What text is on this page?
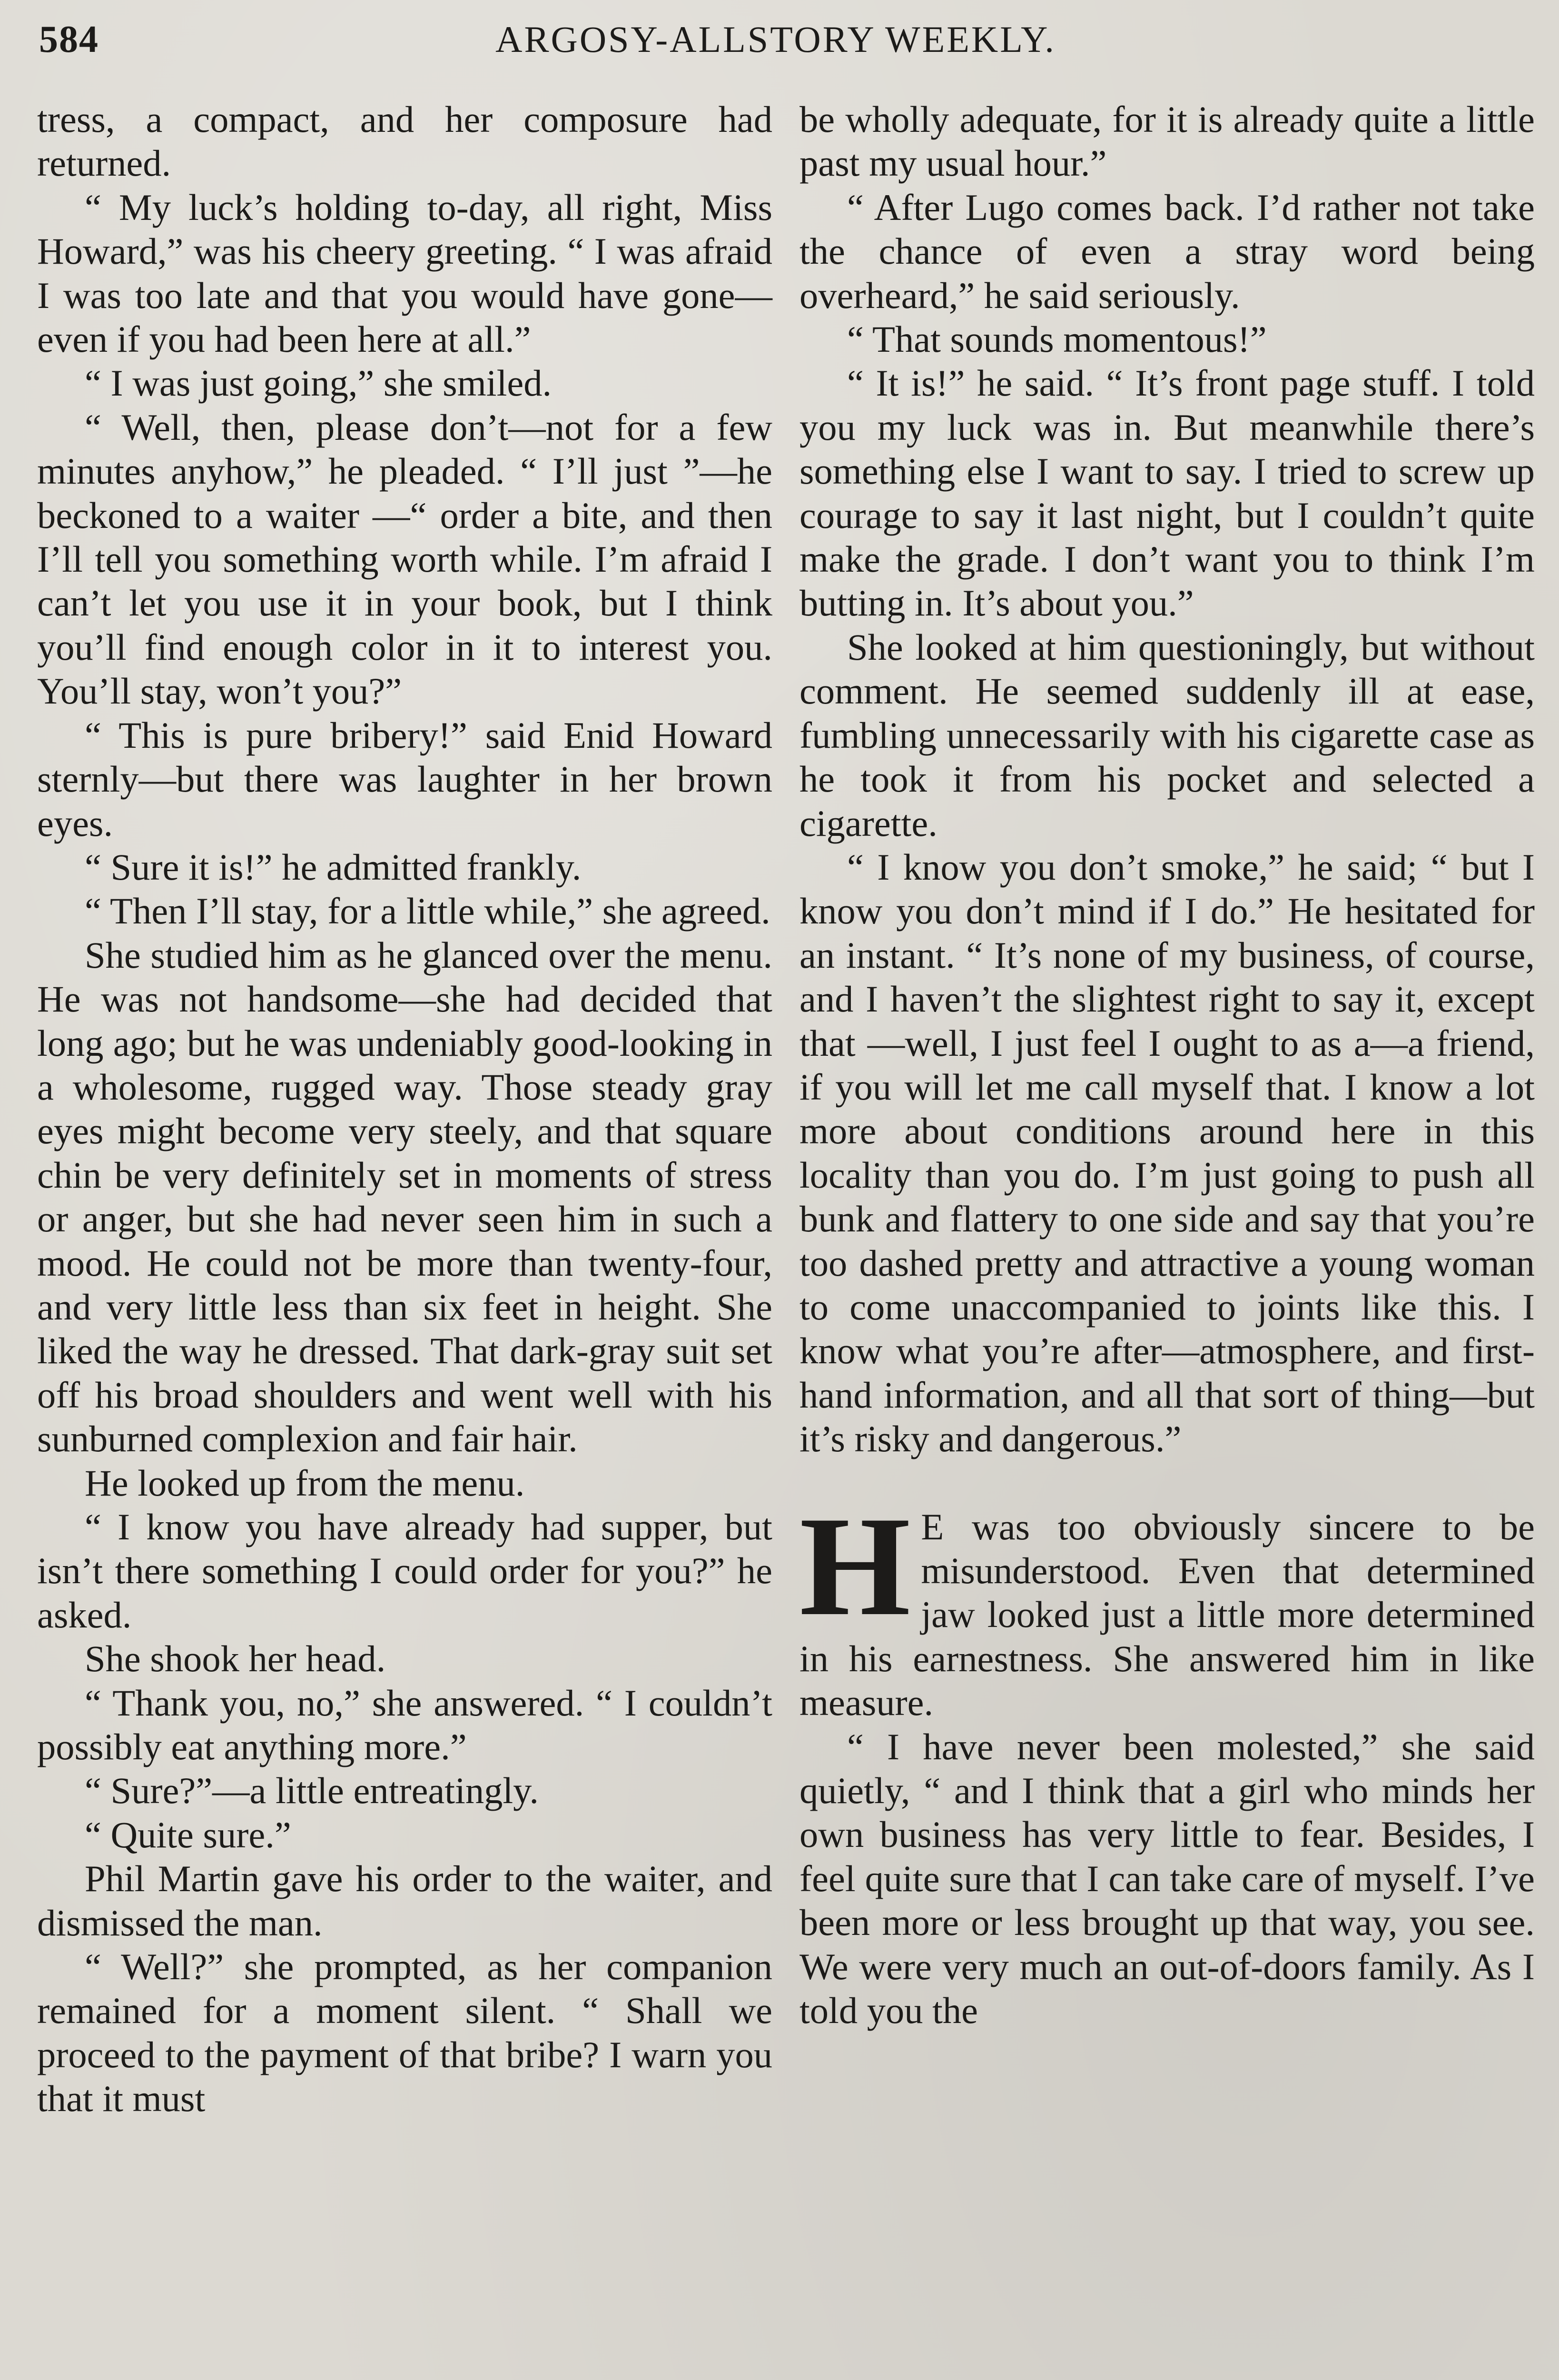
584	ARGOSY-ALLSTORY WEEKLY.

tress, a compact, and her composure had returned.

“ My luck’s holding to-day, all right, Miss Howard,” was his cheery greeting. “ I was afraid I was too late and that you would have gone—even if you had been here at all.”

“ I was just going,” she smiled.

“ Well, then, please don’t—not for a few minutes anyhow,” he pleaded. “ I’ll just ”—he beckoned to a waiter —“ order a bite, and then I’ll tell you something worth while. I’m afraid I can’t let you use it in your book, but I think you’ll find enough color in it to interest you. You’ll stay, won’t you?”

“ This is pure bribery!” said Enid Howard sternly—but there was laughter in her brown eyes.

“ Sure it is!” he admitted frankly.

“ Then I’ll stay, for a little while,” she agreed.

She studied him as he glanced over the menu. He was not handsome—she had decided that long ago; but he was undeniably good-looking in a wholesome, rugged way. Those steady gray eyes might become very steely, and that square chin be very definitely set in moments of stress or anger, but she had never seen him in such a mood. He could not be more than twenty-four, and very little less than six feet in height. She liked the way he dressed. That dark-gray suit set off his broad shoulders and went well with his sunburned complexion and fair hair.

He looked up from the menu.

“ I know you have already had supper, but isn’t there something I could order for you?” he asked.

She shook her head.

“ Thank you, no,” she answered. “ I couldn’t possibly eat anything more.”

“ Sure?”—a little entreatingly.

“ Quite sure.”

Phil Martin gave his order to the waiter, and dismissed the man.

“ Well?” she prompted, as her companion remained for a moment silent. “ Shall we proceed to the payment of that bribe? I warn you that it must

be wholly adequate, for it is already quite a little past my usual hour.”

“ After Lugo comes back. I’d rather not take the chance of even a stray word being overheard,” he said seriously.

“ That sounds momentous!”

“ It is!” he said. “ It’s front page stuff. I told you my luck was in. But meanwhile there’s something else I want to say. I tried to screw up courage to say it last night, but I couldn’t quite make the grade. I don’t want you to think I’m butting in. It’s about you.”

She looked at him questioningly, but without comment. He seemed suddenly ill at ease, fumbling unnecessarily with his cigarette case as he took it from his pocket and selected a cigarette.

“ I know you don’t smoke,” he said; “ but I know you don’t mind if I do.” He hesitated for an instant. “ It’s none of my business, of course, and I haven’t the slightest right to say it, except that —well, I just feel I ought to as a—a friend, if you will let me call myself that. I know a lot more about conditions around here in this locality than you do. I’m just going to push all bunk and flattery to one side and say that you’re too dashed pretty and attractive a young woman to come unaccompanied to joints like this. I know what you’re after—atmosphere, and first-hand information, and all that sort of thing—but it’s risky and dangerous.”

H E was too obviously sincere to be misunderstood. Even that determined jaw looked just a little more determined in his earnestness. She answered him in like measure.

“ I have never been molested,” she said quietly, “ and I think that a girl who minds her own business has very little to fear. Besides, I feel quite sure that I can take care of myself. I’ve been more or less brought up that way, you see. We were very much an out-of-doors family. As I told you the
